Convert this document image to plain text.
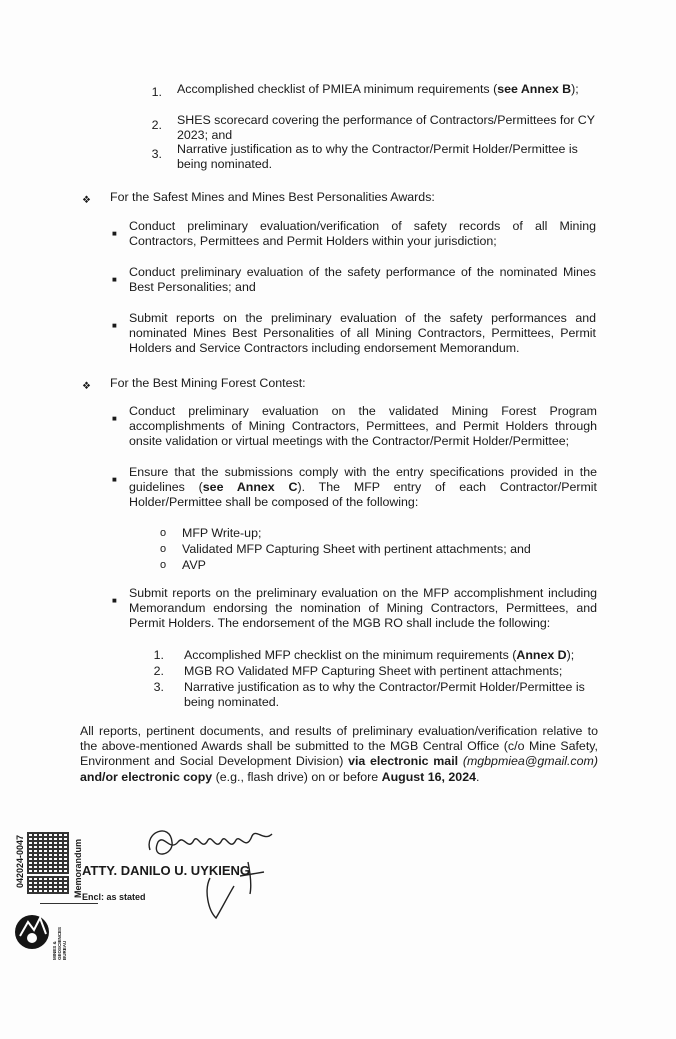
1. Accomplished checklist of PMIEA minimum requirements (see Annex B);
2. SHES scorecard covering the performance of Contractors/Permittees for CY 2023; and
3. Narrative justification as to why the Contractor/Permit Holder/Permittee is being nominated.
❖ For the Safest Mines and Mines Best Personalities Awards:
■
Conduct preliminary evaluation/verification of safety records of all Mining Contractors, Permittees and Permit Holders within your jurisdiction;
■
Conduct preliminary evaluation of the safety performance of the nominated Mines Best Personalities; and
■
Submit reports on the preliminary evaluation of the safety performances and nominated Mines Best Personalities of all Mining Contractors, Permittees, Permit Holders and Service Contractors including endorsement Memorandum.
❖ For the Best Mining Forest Contest:
■
Conduct preliminary evaluation on the validated Mining Forest Program accomplishments of Mining Contractors, Permittees, and Permit Holders through onsite validation or virtual meetings with the Contractor/Permit Holder/Permittee;
■
Ensure that the submissions comply with the entry specifications provided in the guidelines (see Annex C). The MFP entry of each Contractor/Permit Holder/Permittee shall be composed of the following:
o MFP Write-up;
o Validated MFP Capturing Sheet with pertinent attachments; and
o AVP
■
Submit reports on the preliminary evaluation on the MFP accomplishment including Memorandum endorsing the nomination of Mining Contractors, Permittees, and Permit Holders. The endorsement of the MGB RO shall include the following:
1. Accomplished MFP checklist on the minimum requirements (Annex D);
2. MGB RO Validated MFP Capturing Sheet with pertinent attachments;
3. Narrative justification as to why the Contractor/Permit Holder/Permittee is being nominated.
All reports, pertinent documents, and results of preliminary evaluation/verification relative to the above-mentioned Awards shall be submitted to the MGB Central Office (c/o Mine Safety, Environment and Social Development Division) via electronic mail (mgbpmiea@gmail.com) and/or electronic copy (e.g., flash drive) on or before August 16, 2024.
042024-0047	Memorandum ATTY. DANILO U. UYKIENG
Encl: as stated
MINES & GEOSCIENCES BUREAU
